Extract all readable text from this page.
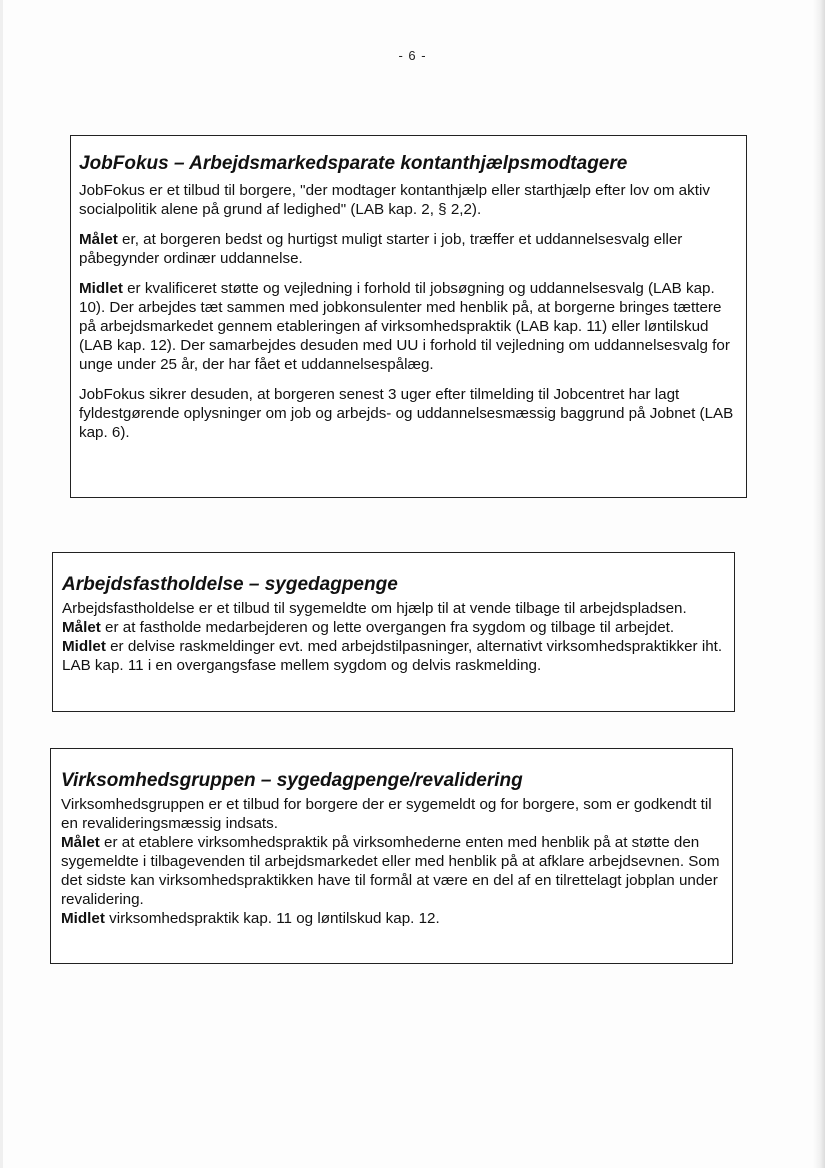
- 6 -
JobFokus – Arbejdsmarkedsparate kontanthjælpsmodtagere

JobFokus er et tilbud til borgere, "der modtager kontanthjælp eller starthjælp efter lov om aktiv socialpolitik alene på grund af ledighed" (LAB kap. 2, § 2,2).

Målet er, at borgeren bedst og hurtigst muligt starter i job, træffer et uddannelsesvalg eller påbegynder ordinær uddannelse.

Midlet er kvalificeret støtte og vejledning i forhold til jobsøgning og uddannelsesvalg (LAB kap. 10). Der arbejdes tæt sammen med jobkonsulenter med henblik på, at borgerne bringes tættere på arbejdsmarkedet gennem etableringen af virksomhedspraktik (LAB kap. 11) eller løntilskud (LAB kap. 12). Der samarbejdes desuden med UU i forhold til vejledning om uddannelsesvalg for unge under 25 år, der har fået et uddannelsespålæg.

JobFokus sikrer desuden, at borgeren senest 3 uger efter tilmelding til Jobcentret har lagt fyldestgørende oplysninger om job og arbejds- og uddannelsesmæssig baggrund på Jobnet (LAB kap. 6).

Arbejdsfastholdelse – sygedagpenge

Arbejdsfastholdelse er et tilbud til sygemeldte om hjælp til at vende tilbage til arbejdspladsen.

Målet er at fastholde medarbejderen og lette overgangen fra sygdom og tilbage til arbejdet.

Midlet er delvise raskmeldinger evt. med arbejdstilpasninger, alternativt virksomhedspraktikker iht. LAB kap. 11 i en overgangsfase mellem sygdom og delvis raskmelding.

Virksomhedsgruppen – sygedagpenge/revalidering

Virksomhedsgruppen er et tilbud for borgere der er sygemeldt og for borgere, som er godkendt til en revalideringsmæssig indsats.

Målet er at etablere virksomhedspraktik på virksomhederne enten med henblik på at støtte den sygemeldte i tilbagevenden til arbejdsmarkedet eller med henblik på at afklare arbejdsevnen. Som det sidste kan virksomhedspraktikken have til formål at være en del af en tilrettelagt jobplan under revalidering.

Midlet virksomhedspraktik kap. 11 og løntilskud kap. 12.
